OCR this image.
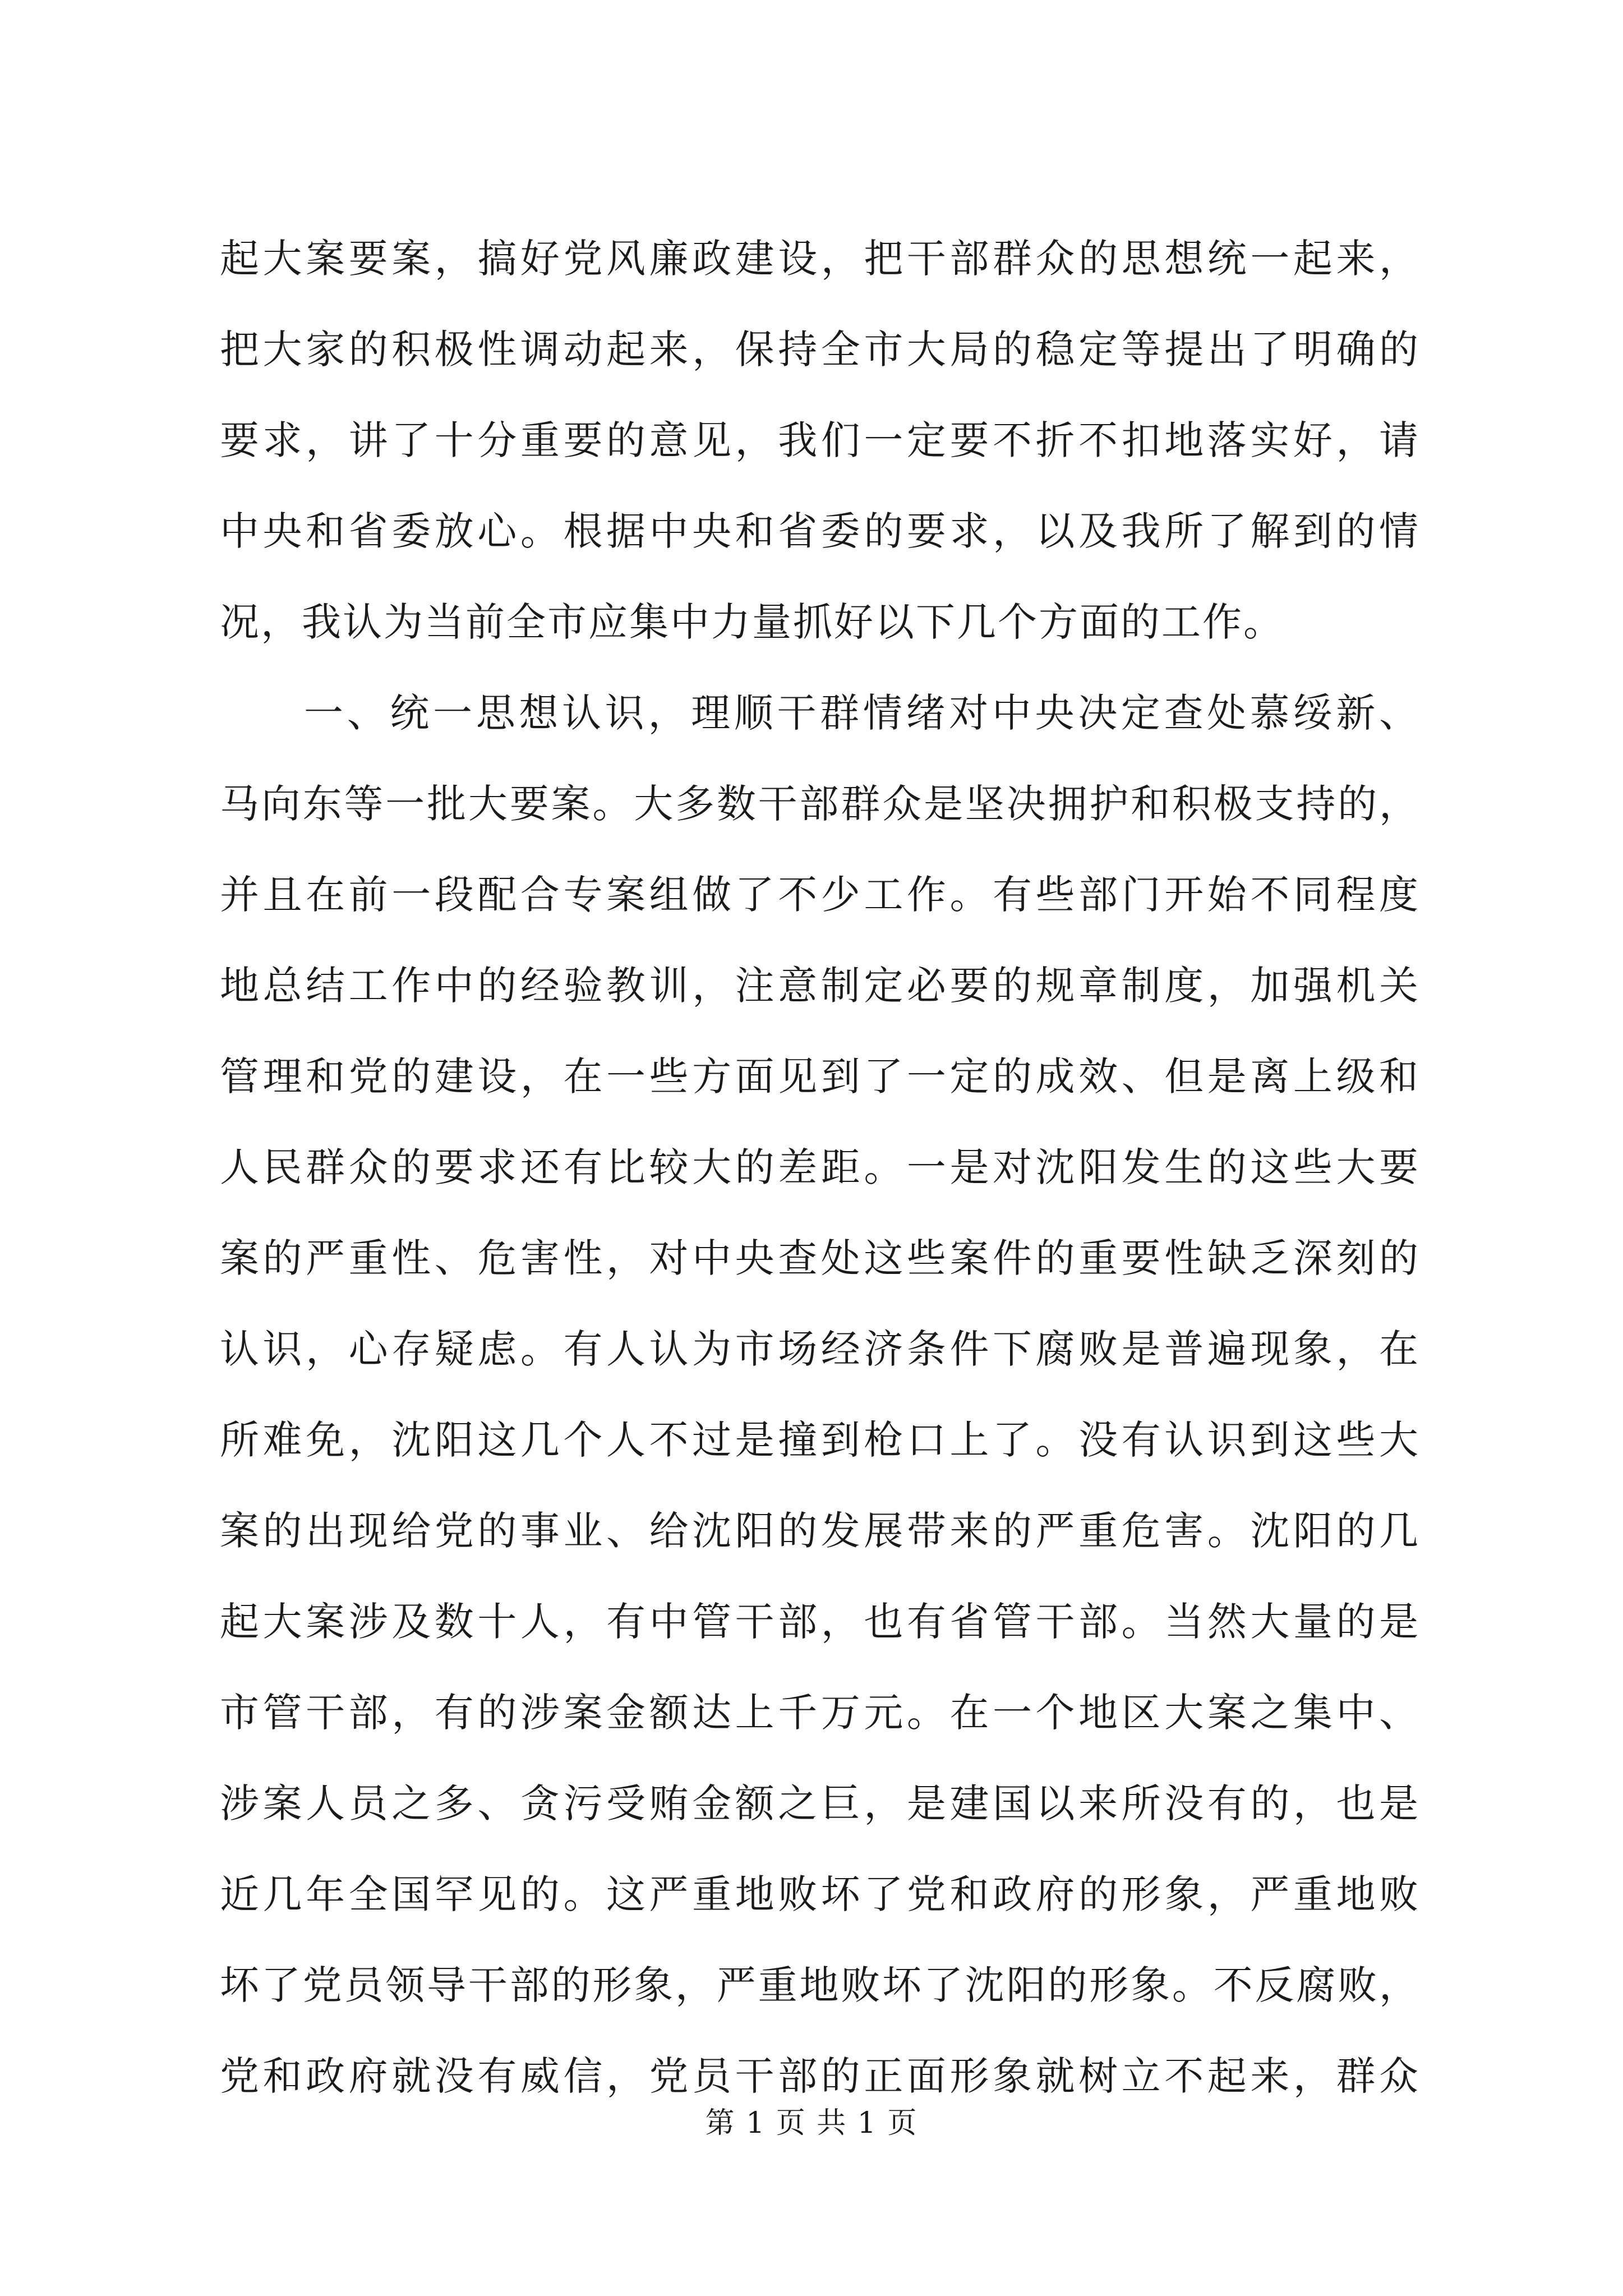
起大案要案，搞好党风廉政建设，把干部群众的思想统一起来，
把大家的积极性调动起来，保持全市大局的稳定等提出了明确的
要求，讲了十分重要的意见，我们一定要不折不扣地落实好，请
中央和省委放心。根据中央和省委的要求，以及我所了解到的情
况，我认为当前全市应集中力量抓好以下几个方面的工作。
一、统一思想认识，理顺干群情绪对中央决定查处慕绥新、
马向东等一批大要案。大多数干部群众是坚决拥护和积极支持的，
并且在前一段配合专案组做了不少工作。有些部门开始不同程度
地总结工作中的经验教训，注意制定必要的规章制度，加强机关
管理和党的建设，在一些方面见到了一定的成效、但是离上级和
人民群众的要求还有比较大的差距。一是对沈阳发生的这些大要
案的严重性、危害性，对中央查处这些案件的重要性缺乏深刻的
认识，心存疑虑。有人认为市场经济条件下腐败是普遍现象，在
所难免，沈阳这几个人不过是撞到枪口上了。没有认识到这些大
案的出现给党的事业、给沈阳的发展带来的严重危害。沈阳的几
起大案涉及数十人，有中管干部，也有省管干部。当然大量的是
市管干部，有的涉案金额达上千万元。在一个地区大案之集中、
涉案人员之多、贪污受贿金额之巨，是建国以来所没有的，也是
近几年全国罕见的。这严重地败坏了党和政府的形象，严重地败
坏了党员领导干部的形象，严重地败坏了沈阳的形象。不反腐败，
党和政府就没有威信，党员干部的正面形象就树立不起来，群众
第 1 页 共 1 页
